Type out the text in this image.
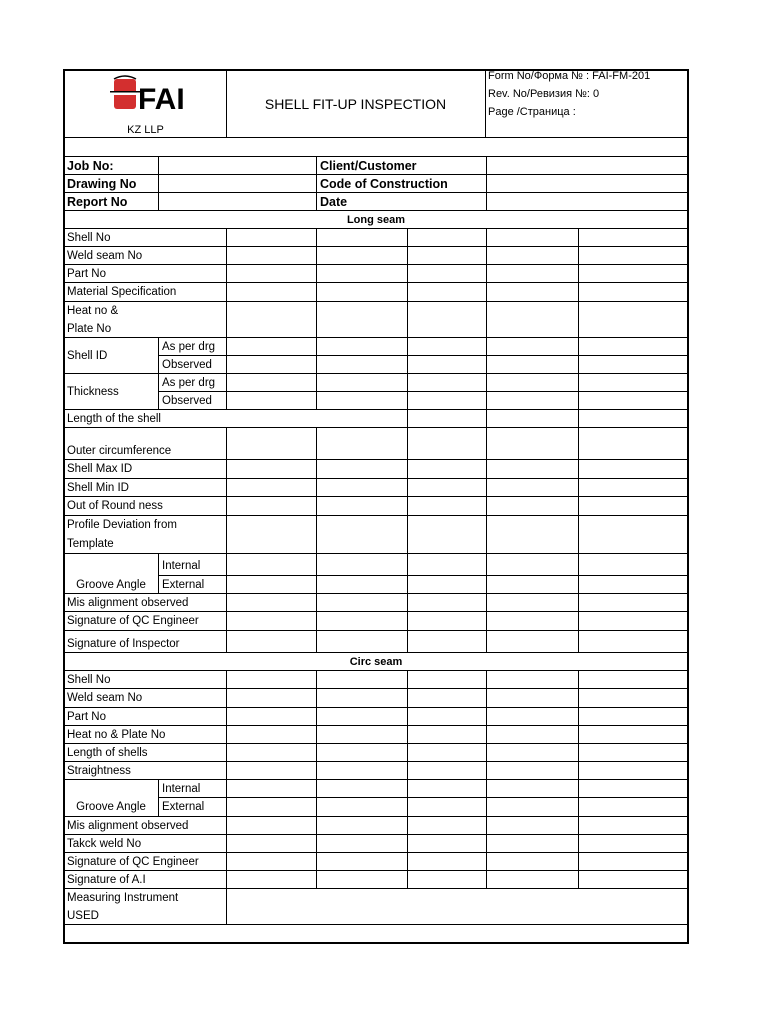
FAI
KZ LLP
SHELL FIT-UP INSPECTION
Form No/Форма № : FAI-FM-201
Rev. No/Ревизия №: 0
Page /Страница :
Job No:	Client/Customer
Drawing No	Code of Construction
Report No	Date
Long seam
Shell No
Weld seam No
Part No
Material Specification
Heat no &
Plate No
Shell ID
As per drg
Observed
Thickness
As per drg
Observed
Length of the shell
Outer circumference
Shell Max ID
Shell Min ID
Out of Round ness
Profile Deviation from
Template
Groove Angle
Internal
External
Mis alignment observed
Signature of QC Engineer
Signature of Inspector
Circ seam
Shell No
Weld seam No
Part No
Heat no & Plate No
Length of shells
Straightness
Groove Angle
Internal
External
Mis alignment observed
Takck weld No
Signature of QC Engineer
Signature of A.I
Measuring Instrument
USED
